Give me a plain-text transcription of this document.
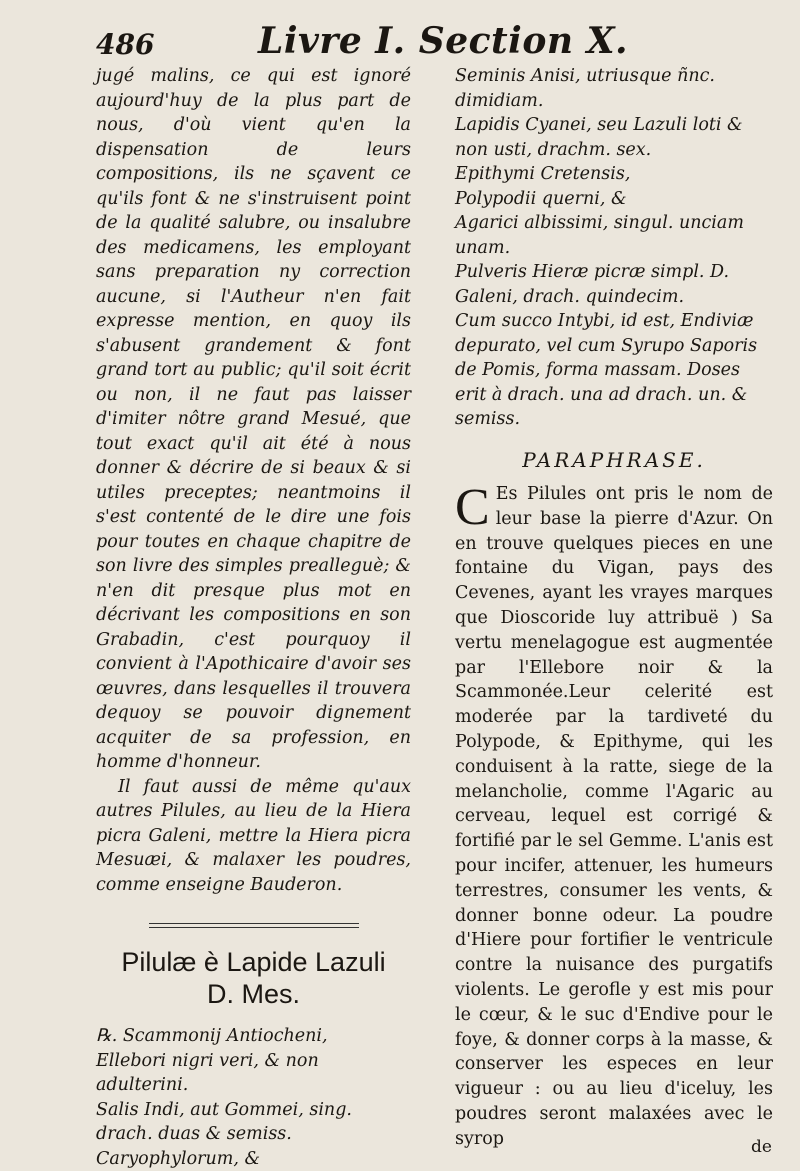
486	Livre I. Section X.

jugé malins, ce qui est ignoré aujourd'huy de la plus part de nous, d'où vient qu'en la dispensation de leurs compositions, ils ne sçavent ce qu'ils font & ne s'instruisent point de la qualité salubre, ou insalubre des medicamens, les employant sans preparation ny correction aucune, si l'Autheur n'en fait expresse mention, en quoy ils s'abusent grandement & font grand tort au public; qu'il soit écrit ou non, il ne faut pas laisser d'imiter nôtre grand Mesué, que tout exact qu'il ait été à nous donner & décrire de si beaux & si utiles preceptes; neantmoins il s'est contenté de le dire une fois pour toutes en chaque chapitre de son livre des simples prealleguè; & n'en dit presque plus mot en décrivant les compositions en son Grabadin, c'est pourquoy il convient à l'Apothicaire d'avoir ses œuvres, dans lesquelles il trouvera dequoy se pouvoir dignement acquiter de sa profession, en homme d'honneur.

Il faut aussi de même qu'aux autres Pilules, au lieu de la Hiera picra Galeni, mettre la Hiera picra Mesuæi, & malaxer les poudres, comme enseigne Bauderon.

Pilulæ è Lapide Lazuli

D. Mes.

℞. Scammonij Antiocheni,

Ellebori nigri veri, & non adulterini.

Salis Indi, aut Gommei, sing. drach. duas & semiss.

Caryophylorum, &

Seminis Anisi, utriusque ñnc. dimidiam.

Lapidis Cyanei, seu Lazuli loti & non usti, drachm. sex.

Epithymi Cretensis,

Polypodii querni, &

Agarici albissimi, singul. unciam unam.

Pulveris Hieræ picræ simpl. D. Galeni, drach. quindecim.

Cum succo Intybi, id est, Endiviæ depurato, vel cum Syrupo Saporis de Pomis, forma massam. Doses erit à drach. una ad drach. un. & semiss.

PARAPHRASE.

C Es Pilules ont pris le nom de leur base la pierre d'Azur. On en trouve quelques pieces en une fontaine du Vigan, pays des Cevenes, ayant les vrayes marques que Dioscoride luy attribuë ) Sa vertu menelagogue est augmentée par l'Ellebore noir & la Scammonée.Leur celerité est moderée par la tardiveté du Polypode, & Epithyme, qui les conduisent à la ratte, siege de la melancholie, comme l'Agaric au cerveau, lequel est corrigé & fortifié par le sel Gemme. L'anis est pour incifer, attenuer, les humeurs terrestres, consumer les vents, & donner bonne odeur. La poudre d'Hiere pour fortifier le ventricule contre la nuisance des purgatifs violents. Le gerofle y est mis pour le cœur, & le suc d'Endive pour le foye, & donner corps à la masse, & conserver les especes en leur vigueur : ou au lieu d'iceluy, les poudres seront malaxées avec le syrop	de
